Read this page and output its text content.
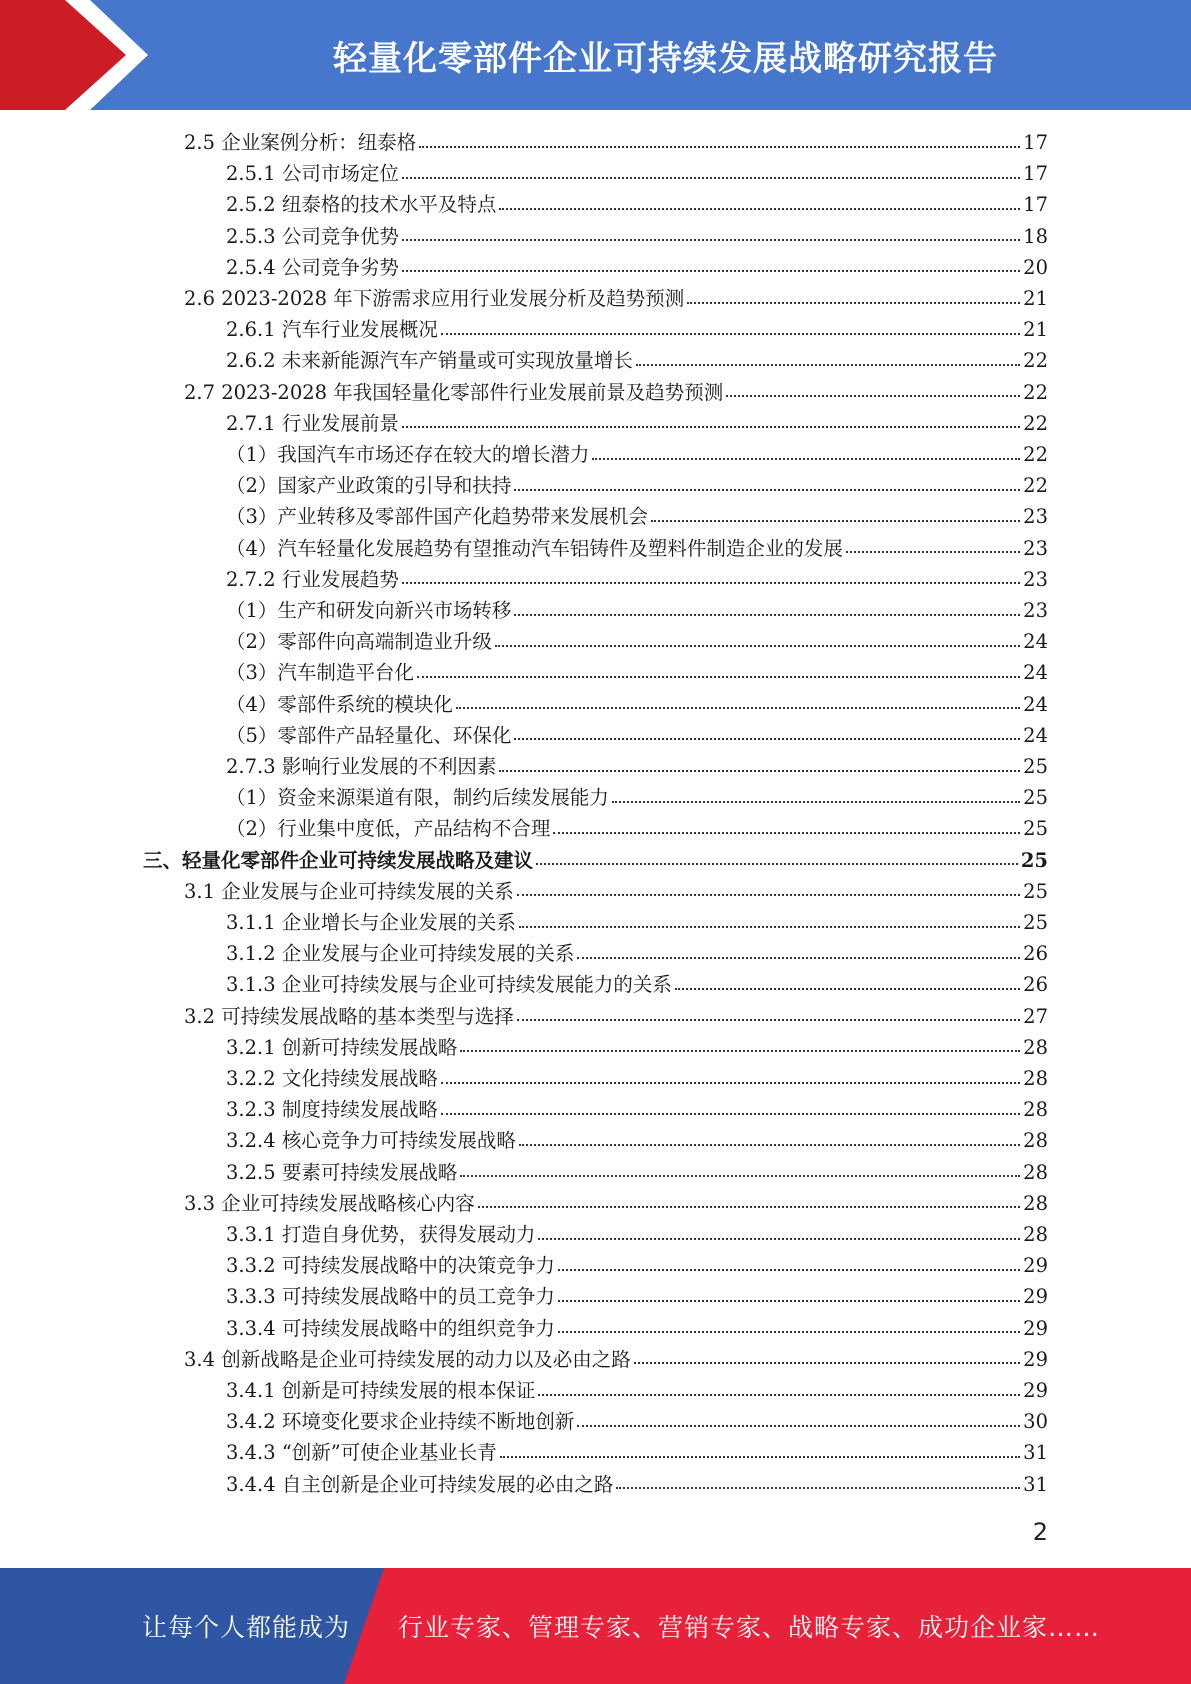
轻量化零部件企业可持续发展战略研究报告
2.5 企业案例分析：纽泰格	17
2.5.1 公司市场定位	17
2.5.2 纽泰格的技术水平及特点	17
2.5.3 公司竞争优势	18
2.5.4 公司竞争劣势	20
2.6 2023-2028 年下游需求应用行业发展分析及趋势预测	21
2.6.1 汽车行业发展概况	21
2.6.2 未来新能源汽车产销量或可实现放量增长	22
2.7 2023-2028 年我国轻量化零部件行业发展前景及趋势预测	22
2.7.1 行业发展前景	22
（1）我国汽车市场还存在较大的增长潜力	22
（2）国家产业政策的引导和扶持	22
（3）产业转移及零部件国产化趋势带来发展机会	23
（4）汽车轻量化发展趋势有望推动汽车铝铸件及塑料件制造企业的发展	23
2.7.2 行业发展趋势	23
（1）生产和研发向新兴市场转移	23
（2）零部件向高端制造业升级	24
（3）汽车制造平台化	24
（4）零部件系统的模块化	24
（5）零部件产品轻量化、环保化	24
2.7.3 影响行业发展的不利因素	25
（1）资金来源渠道有限，制约后续发展能力	25
（2）行业集中度低，产品结构不合理	25
三、轻量化零部件企业可持续发展战略及建议	25
3.1 企业发展与企业可持续发展的关系	25
3.1.1 企业增长与企业发展的关系	25
3.1.2 企业发展与企业可持续发展的关系	26
3.1.3 企业可持续发展与企业可持续发展能力的关系	26
3.2 可持续发展战略的基本类型与选择	27
3.2.1 创新可持续发展战略	28
3.2.2 文化持续发展战略	28
3.2.3 制度持续发展战略	28
3.2.4 核心竞争力可持续发展战略	28
3.2.5 要素可持续发展战略	28
3.3 企业可持续发展战略核心内容	28
3.3.1 打造自身优势，获得发展动力	28
3.3.2 可持续发展战略中的决策竞争力	29
3.3.3 可持续发展战略中的员工竞争力	29
3.3.4 可持续发展战略中的组织竞争力	29
3.4 创新战略是企业可持续发展的动力以及必由之路	29
3.4.1 创新是可持续发展的根本保证	29
3.4.2 环境变化要求企业持续不断地创新	30
3.4.3 “创新”可使企业基业长青	31
3.4.4 自主创新是企业可持续发展的必由之路	31
2
让每个人都能成为 行业专家、管理专家、营销专家、战略专家、成功企业家……
